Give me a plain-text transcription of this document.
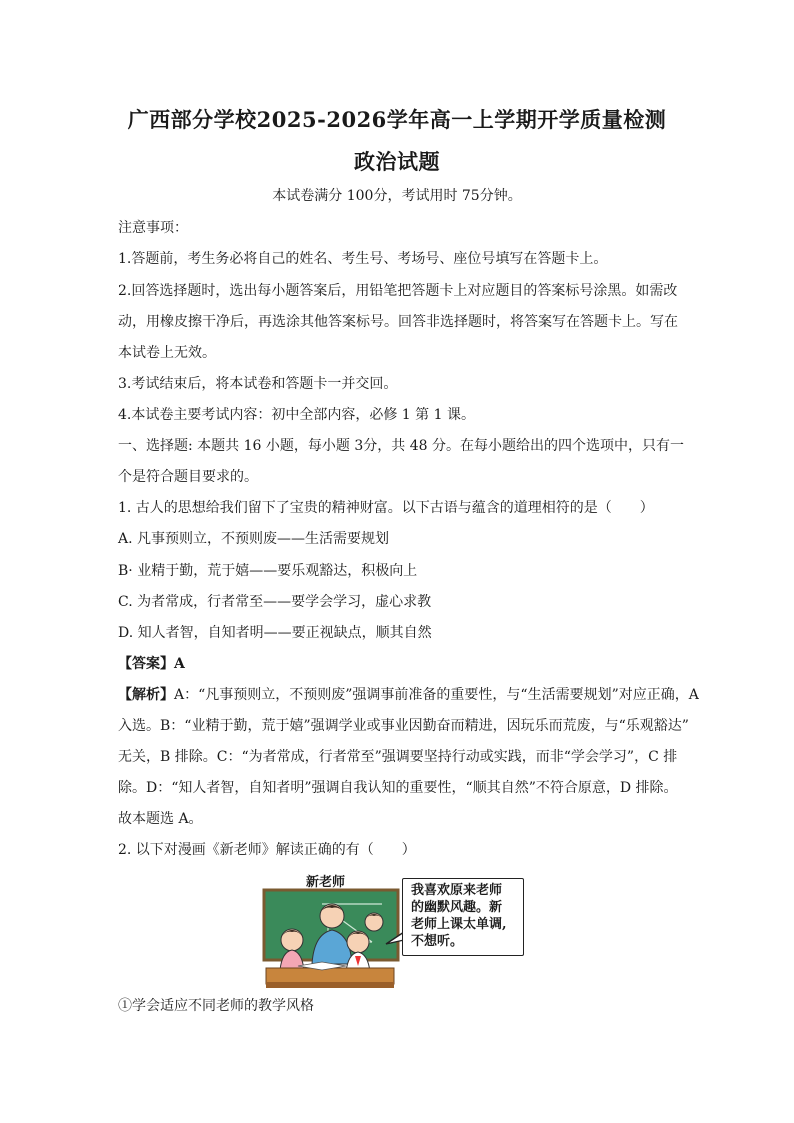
广西部分学校2025-2026学年高一上学期开学质量检测
政治试题
本试卷满分 100分，考试用时 75分钟。
注意事项：
1.答题前，考生务必将自己的姓名、考生号、考场号、座位号填写在答题卡上。
2.回答选择题时，选出每小题答案后，用铅笔把答题卡上对应题目的答案标号涂黑。如需改
动，用橡皮擦干净后，再选涂其他答案标号。回答非选择题时，将答案写在答题卡上。写在
本试卷上无效。
3.考试结束后，将本试卷和答题卡一并交回。
4.本试卷主要考试内容：初中全部内容，必修 1 第 1 课。
一、选择题: 本题共 16 小题，每小题 3分，共 48 分。在每小题给出的四个选项中，只有一
个是符合题目要求的。
1. 古人的思想给我们留下了宝贵的精神财富。以下古语与蕴含的道理相符的是（　　）
A. 凡事预则立，不预则废——生活需要规划
B· 业精于勤，荒于嬉——要乐观豁达，积极向上
C. 为者常成，行者常至——要学会学习，虚心求教
D. 知人者智，自知者明——要正视缺点，顺其自然
【答案】A
【解析】A：“凡事预则立，不预则废”强调事前准备的重要性，与“生活需要规划”对应正确，A
入选。B：“业精于勤，荒于嬉”强调学业或事业因勤奋而精进，因玩乐而荒废，与“乐观豁达”
无关，B 排除。C：“为者常成，行者常至”强调要坚持行动或实践，而非“学会学习”，C 排
除。D：“知人者智，自知者明”强调自我认知的重要性，“顺其自然”不符合原意，D 排除。
故本题选 A。
2. 以下对漫画《新老师》解读正确的有（　　）
新老师
我喜欢原来老师
的幽默风趣。新
老师上课太单调,
不想听。
①学会适应不同老师的教学风格
